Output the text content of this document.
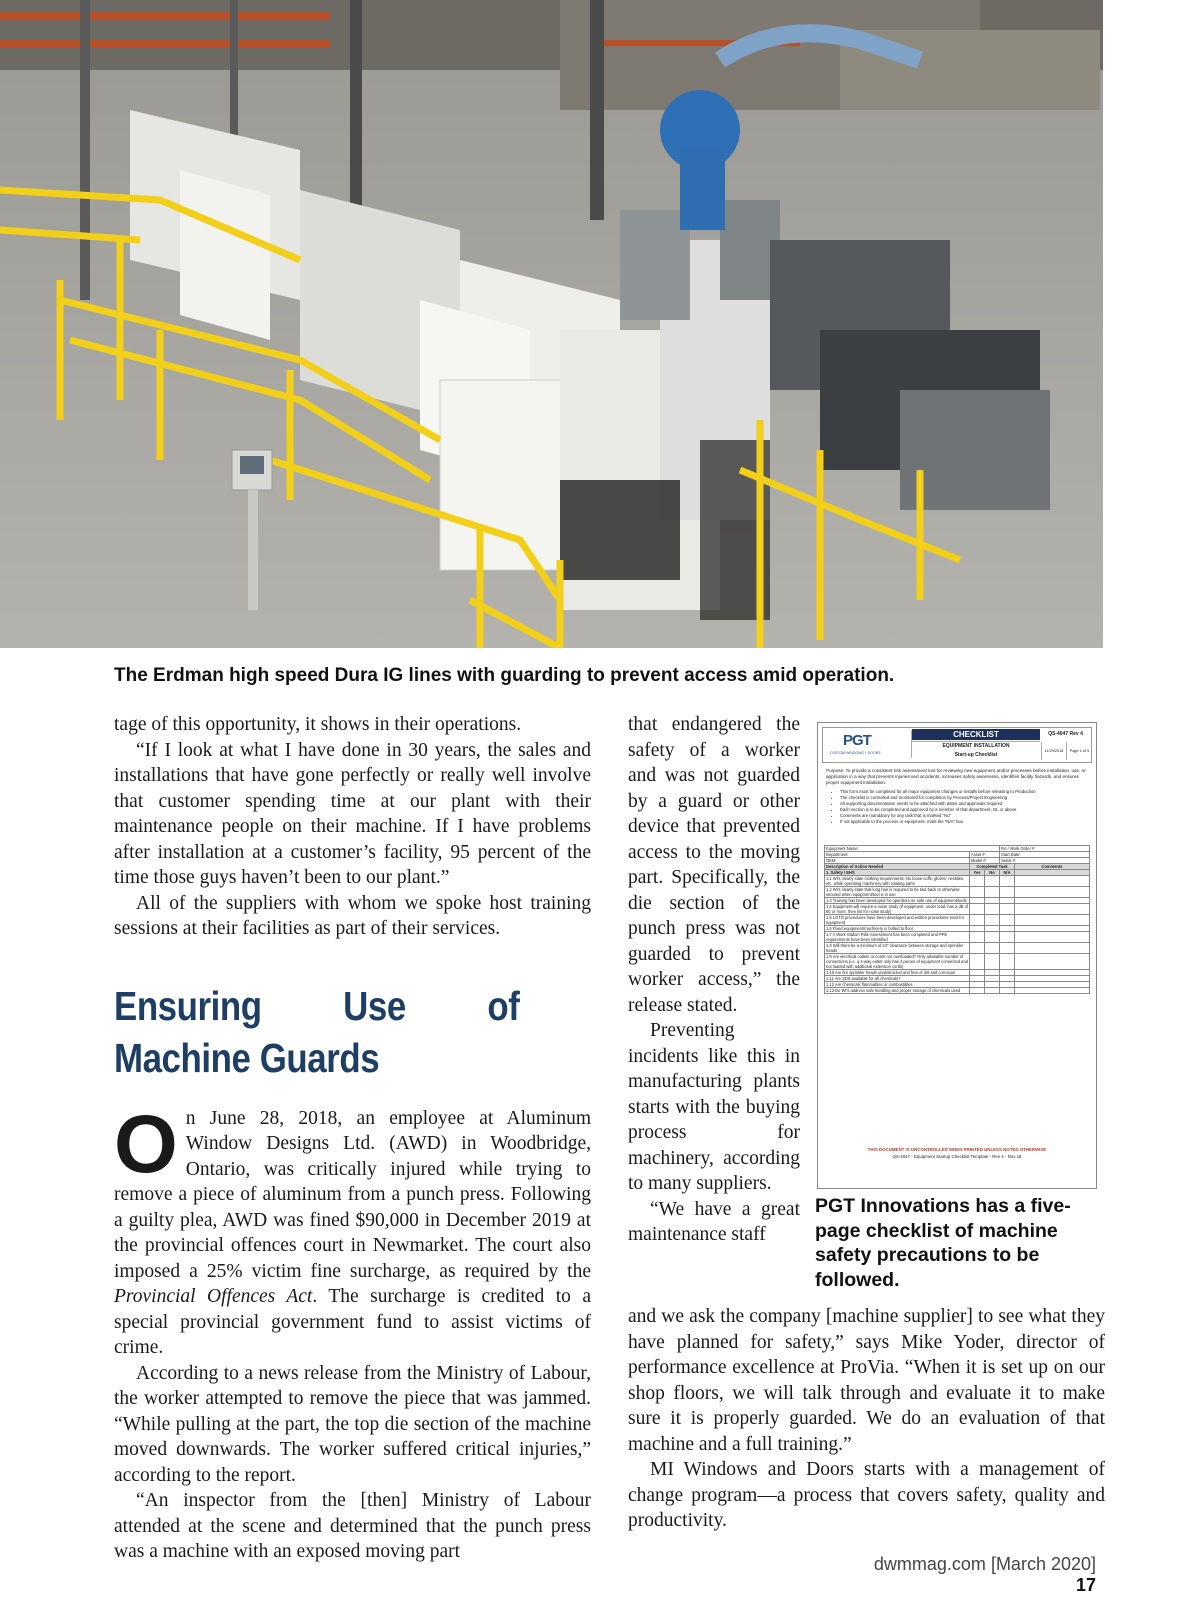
The Erdman high speed Dura IG lines with guarding to prevent access amid operation.

tage of this opportunity, it shows in their operations.

“If I look at what I have done in 30 years, the sales and installations that have gone perfectly or really well involve that customer spending time at our plant with their maintenance people on their machine. If I have problems after installation at a customer’s facility, 95 percent of the time those guys haven’t been to our plant.”

All of the suppliers with whom we spoke host training sessions at their facilities as part of their services.

Ensuring Use of Machine Guards

On June 28, 2018, an employee at Aluminum Window Designs Ltd. (AWD) in Woodbridge, Ontario, was critically injured while trying to remove a piece of aluminum from a punch press. Following a guilty plea, AWD was fined $90,000 in December 2019 at the provincial offences court in Newmarket. The court also imposed a 25% victim fine surcharge, as required by the Provincial Offences Act. The surcharge is credited to a special provincial government fund to assist victims of crime.

According to a news release from the Ministry of Labour, the worker attempted to remove the piece that was jammed. “While pulling at the part, the top die section of the machine moved downwards. The worker suffered critical injuries,” according to the report.

“An inspector from the [then] Ministry of Labour attended at the scene and determined that the punch press was a machine with an exposed moving part

that endangered the safety of a worker and was not guarded by a guard or other device that prevented access to the moving part. Specifically, the die section of the punch press was not guarded to prevent worker access,” the release stated.

Preventing incidents like this in manufacturing plants starts with the buying process for machinery, according to many suppliers.

“We have a great maintenance staff

and we ask the company [machine supplier] to see what they have planned for safety,” says Mike Yoder, director of performance excellence at ProVia. “When it is set up on our shop floors, we will talk through and evaluate it to make sure it is properly guarded. We do an evaluation of that machine and a full training.”

MI Windows and Doors starts with a management of change program—a process that covers safety, quality and productivity.

PGT
CUSTOM WINDOWS + DOORS
CHECKLIST	QS-4047 Rev 4
EQUIPMENT INSTALLATION
Start-up Checklist
11/29/2018	Page 1 of 5
Purpose: To provide a consistent risk assessment tool for reviewing new equipment and/or processes before installation, use, or application in a way that prevents injuries and accidents, increases safety awareness, identifies facility hazards, and ensures proper equipment installation.
• This form must be completed for all major equipment changes or installs before releasing to Production
• The checklist is controlled and monitored for completion by Process/Project Engineering
• All supporting documentation needs to be attached with dates and approvals required
• Each section is to be completed and approved by a member of that department, GL or above
• Comments are mandatory for any task that is marked "No"
• If not applicable to the process or equipment, mark the "N/A" box
Equipment Name:			RA / Work Order #:	
Department:	Asset #:		Start Date:	
OEM:	Model #:		Serial #:	
Description of Action Needed	Completed Task			Comments
1. Safety / EHS	Yes	No	N/A	
1.1 Wi's clearly state clothing requirements: No loose cuffs, gloves, neckties, etc. while operating machinery with rotating parts				
1.2 Wi's clearly state that long hair is required to be tied back or otherwise secured when equipment/tool is in use				
1.3 Training has been developed for operators on safe use of equipment/tools				
1.4 Equipment will require a noise study (If equipment, under load, has a dB of 80 or more, then list for noise study)				
1.5 LOTO procedures have been developed and written procedures exist for equipment				
1.6 Fixed equipment/machinery is bolted to floor				
1.7 A Work Station Risk Assessment has been completed and PPE requirements have been identified				
1.8 Will there be a minimum of 24" clearance between storage and sprinkler heads				
1.9 Are electrical outlets or cords not overloaded? Only allowable number of connections (i.e. a 4-way outlet only has 4 pieces of equipment connected and not loaded with additional extension cords)				
1.10 Are fire sprinkler heads unobstructed and free of dirt and corrosion				
1.11 Are SDS available for all chemicals?				
1.12 Are chemicals flammables or combustibles				
1.13 Do WI's address safe handling and proper storage of chemicals used				
THIS DOCUMENT IS UNCONTROLLED WHEN PRINTED UNLESS NOTED OTHERWISE
QS-4047 - Equipment Startup Checklist Template - Rev 4 - Nov 18
PGT Innovations has a five-page checklist of machine safety precautions to be followed.
dwmmag.com [March 2020] 17
